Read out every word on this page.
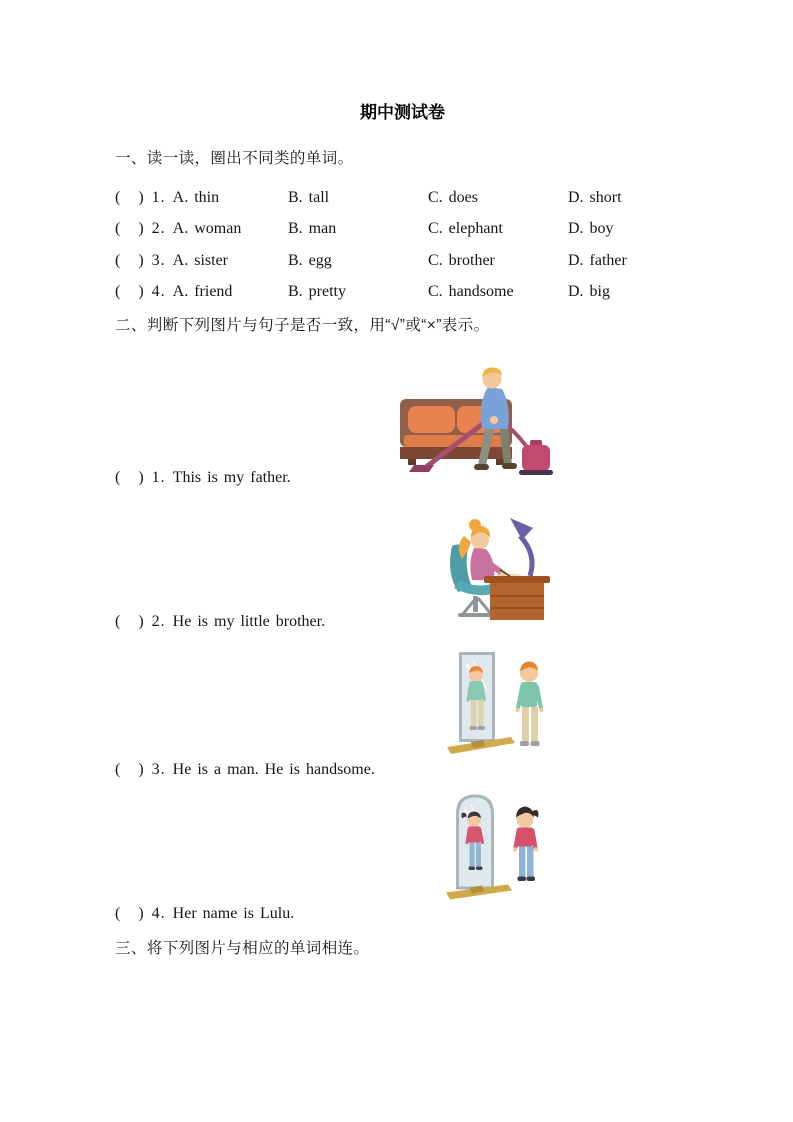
期中测试卷
一、读一读，圈出不同类的单词。
(　) 1. A. thin	B. tall	C. does	D. short
(　) 2. A. woman	B. man	C. elephant	D. boy
(　) 3. A. sister	B. egg	C. brother	D. father
(　) 4. A. friend	B. pretty	C. handsome	D. big
二、判断下列图片与句子是否一致，用“√”或“×”表示。
(　) 1. This is my father.
(　) 2. He is my little brother.
(　) 3. He is a man. He is handsome.
(　) 4. Her name is Lulu.
三、将下列图片与相应的单词相连。
